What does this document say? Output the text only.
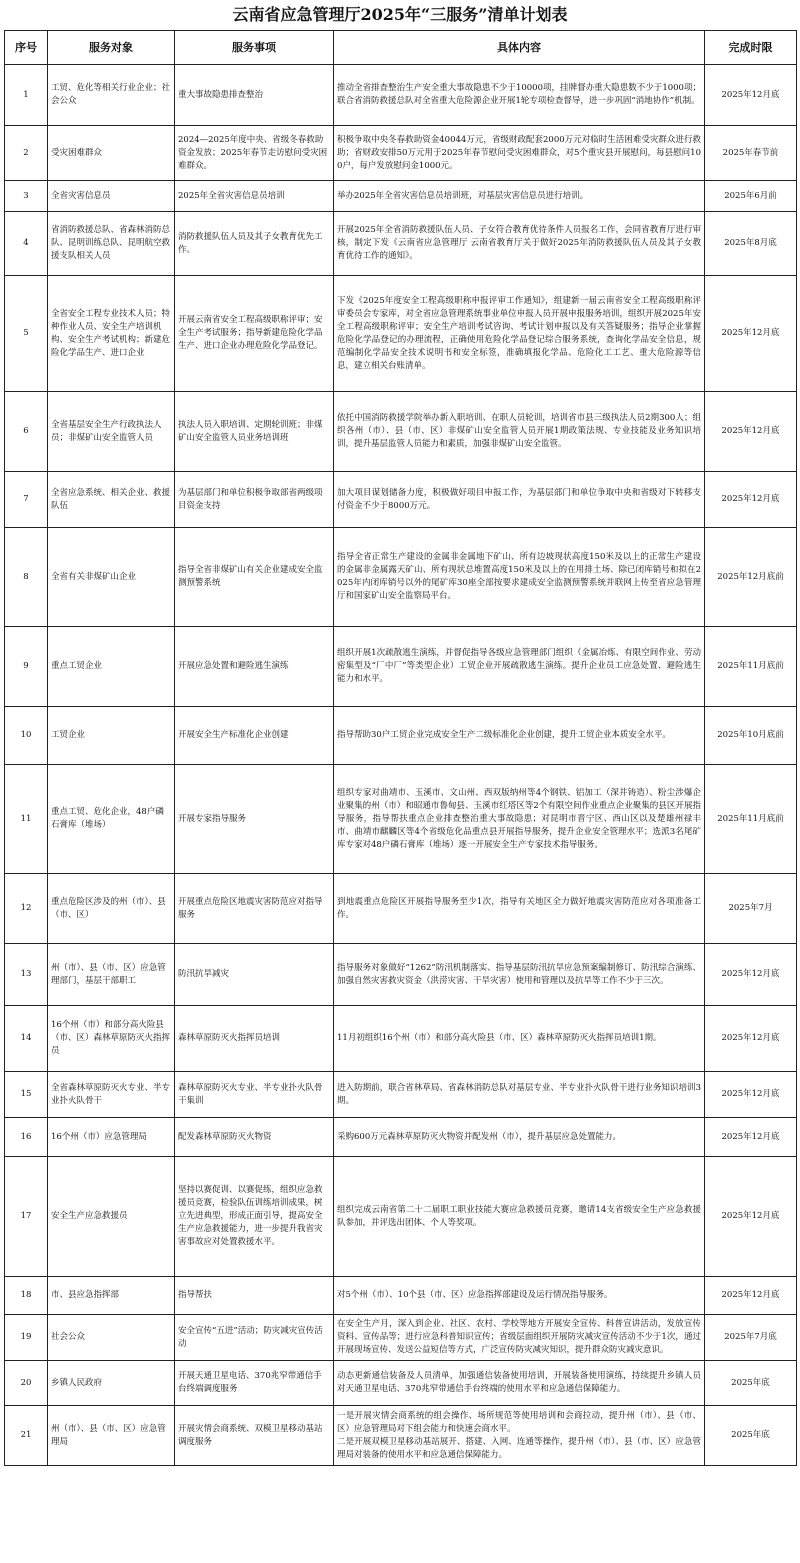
云南省应急管理厅2025年“三服务”清单计划表
序号	服务对象	服务事项	具体内容	完成时限
1	工贸、危化等相关行业企业；社会公众	重大事故隐患排查整治	推动全省排查整治生产安全重大事故隐患不少于10000项，挂牌督办重大隐患数不少于1000项；联合省消防救援总队对全省重大危险源企业开展1轮专项检查督导，进一步巩固“消地协作”机制。	2025年12月底
2	受灾困难群众	2024—2025年度中央、省级冬春救助资金发放；2025年春节走访慰问受灾困难群众。	积极争取中央冬春救助资金40044万元，省级财政配套2000万元对临时生活困难受灾群众进行救助；省财政安排50万元用于2025年春节慰问受灾困难群众，对5个重灾县开展慰问，每县慰问100户，每户发放慰问金1000元。	2025年春节前
3	全省灾害信息员	2025年全省灾害信息员培训	举办2025年全省灾害信息员培训班，对基层灾害信息员进行培训。	2025年6月前
4	省消防救援总队、省森林消防总队、昆明训练总队、昆明航空救援支队相关人员	消防救援队伍人员及其子女教育优先工作。	开展2025年全省消防救援队伍人员、子女符合教育优待条件人员报名工作，会同省教育厅进行审核，制定下发《云南省应急管理厅 云南省教育厅关于做好2025年消防救援队伍人员及其子女教育优待工作的通知》。	2025年8月底
5	全省安全工程专业技术人员；特种作业人员、安全生产培训机构、安全生产考试机构；新建危险化学品生产、进口企业	开展云南省安全工程高级职称评审；安全生产考试服务；指导新建危险化学品生产、进口企业办理危险化学品登记。	下发《2025年度安全工程高级职称申报评审工作通知》，组建新一届云南省安全工程高级职称评审委员会专家库，对全省应急管理系统事业单位申报人员开展申报服务培训，组织开展2025年安全工程高级职称评审；安全生产培训考试咨询、考试计划申报以及有关答疑服务；指导企业掌握危险化学品登记的办理流程，正确使用危险化学品登记综合服务系统，查询化学品安全信息，规范编制化学品安全技术说明书和安全标签，准确填报化学品、危险化工工艺、重大危险源等信息，建立相关台账清单。	2025年12月底
6	全省基层安全生产行政执法人员；非煤矿山安全监管人员	执法人员入职培训、定期轮训班；非煤矿山安全监管人员业务培训班	依托中国消防救援学院举办新入职培训、在职人员轮训，培训省市县三级执法人员2期300人；组织各州（市）、县（市、区）非煤矿山安全监管人员开展1期政策法规、专业技能及业务知识培训，提升基层监管人员能力和素质，加强非煤矿山安全监管。	2025年12月底
7	全省应急系统、相关企业、救援队伍	为基层部门和单位积极争取部省两级项目资金支持	加大项目谋划储备力度，积极做好项目申报工作，为基层部门和单位争取中央和省级对下转移支付资金不少于8000万元。	2025年12月底
8	全省有关非煤矿山企业	指导全省非煤矿山有关企业建成安全监测预警系统	指导全省正常生产建设的金属非金属地下矿山、所有边坡现状高度150米及以上的正常生产建设的金属非金属露天矿山、所有现状总堆置高度150米及以上的在用排土场、除已闭库销号和拟在2025年内闭库销号以外的尾矿库30座全部按要求建成安全监测预警系统并联网上传至省应急管理厅和国家矿山安全监察局平台。	2025年12月底前
9	重点工贸企业	开展应急处置和避险逃生演练	组织开展1次疏散逃生演练，并督促指导各级应急管理部门组织（金属冶炼、有限空间作业、劳动密集型及“厂中厂”等类型企业）工贸企业开展疏散逃生演练。提升企业员工应急处置、避险逃生能力和水平。	2025年11月底前
10	工贸企业	开展安全生产标准化企业创建	指导帮助30户工贸企业完成安全生产二级标准化企业创建，提升工贸企业本质安全水平。	2025年10月底前
11	重点工贸、危化企业，48户磷石膏库（堆场）	开展专家指导服务	组织专家对曲靖市、玉溪市、文山州、西双版纳州等4个钢铁、铝加工（深井铸造）、粉尘涉爆企业聚集的州（市）和昭通市鲁甸县、玉溪市红塔区等2个有限空间作业重点企业聚集的县区开展指导服务，指导帮扶重点企业排查整治重大事故隐患；对昆明市晋宁区、西山区以及楚雄州禄丰市、曲靖市麒麟区等4个省级危化品重点县开展指导服务，提升企业安全管理水平；选派3名尾矿库专家对48户磷石膏库（堆场）逐一开展安全生产专家技术指导服务。	2025年11月底前
12	重点危险区涉及的州（市）、县（市、区）	开展重点危险区地震灾害防范应对指导服务	到地震重点危险区开展指导服务至少1次，指导有关地区全力做好地震灾害防范应对各项准备工作。	2025年7月
13	州（市）、县（市、区）应急管理部门，基层干部职工	防汛抗旱减灾	指导服务对象做好“1262”防汛机制落实、指导基层防汛抗旱应急预案编制修订、防汛综合演练、加强自然灾害救灾资金（洪涝灾害、干旱灾害）使用和管理以及抗旱等工作不少于三次。	2025年12月底
14	16个州（市）和部分高火险县（市、区）森林草原防灭火指挥员	森林草原防灭火指挥员培训	11月初组织16个州（市）和部分高火险县（市、区）森林草原防灭火指挥员培训1期。	2025年12月底
15	全省森林草原防灭火专业、半专业扑火队骨干	森林草原防灭火专业、半专业扑火队骨干集训	进入防期前，联合省林草局、省森林消防总队对基层专业、半专业扑火队骨干进行业务知识培训3期。	2025年12月底
16	16个州（市）应急管理局	配发森林草原防灭火物资	采购600万元森林草原防灭火物资并配发州（市），提升基层应急处置能力。	2025年12月底
17	安全生产应急救援员	坚持以赛促训、以赛促练，组织应急救援员竞赛，检验队伍训练培训成果，树立先进典型，形成正面引导，提高安全生产应急救援能力，进一步提升我省灾害事故应对处置救援水平。	组织完成云南省第二十二届职工职业技能大赛应急救援员竞赛，邀请14支省级安全生产应急救援队参加，并评选出团体、个人等奖项。	2025年12月底
18	市、县应急指挥部	指导帮扶	对5个州（市）、10个县（市、区）应急指挥部建设及运行情况指导服务。	2025年12月底
19	社会公众	安全宣传“五进”活动；防灾减灾宣传活动	在安全生产月，深入到企业、社区、农村、学校等地方开展安全宣传、科普宣讲活动，发放宣传资料、宣传品等；进行应急科普知识宣传；省级层面组织开展防灾减灾宣传活动不少于1次，通过开展现场宣传、发送公益短信等方式，广泛宣传防灾减灾知识，提升群众防灾减灾意识。	2025年7月底
20	乡镇人民政府	开展天通卫星电话、370兆窄带通信手台终端调度服务	动态更新通信装备及人员清单，加强通信装备使用培训，开展装备使用演练，持续提升乡镇人员对天通卫星电话、370兆窄带通信手台终端的使用水平和应急通信保障能力。	2025年底
21	州（市）、县（市、区）应急管理局	开展灾情会商系统、双模卫星移动基站调度服务	一是开展灾情会商系统的组会操作、场所规范等使用培训和会商拉动，提升州（市）、县（市、区）应急管理局对下组会能力和快速会商水平。
二是开展双模卫星移动基站展开、搭建、入网、连通等操作，提升州（市）、县（市、区）应急管理局对装备的使用水平和应急通信保障能力。	2025年底
